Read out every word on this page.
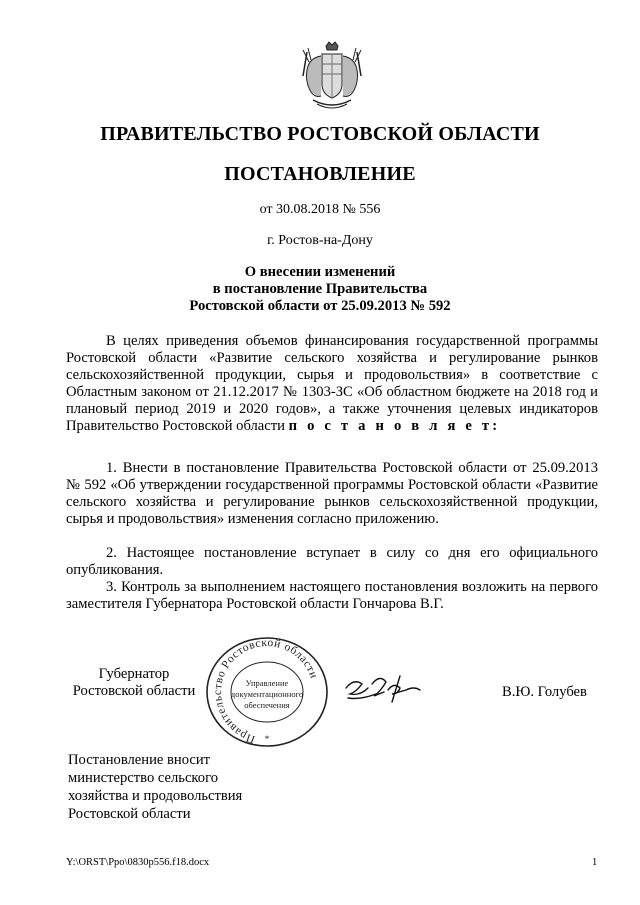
ПРАВИТЕЛЬСТВО РОСТОВСКОЙ ОБЛАСТИ
ПОСТАНОВЛЕНИЕ
от 30.08.2018 № 556
г. Ростов-на-Дону
О внесении изменений
в постановление Правительства
Ростовской области от 25.09.2013 № 592
В целях приведения объемов финансирования государственной программы Ростовской области «Развитие сельского хозяйства и регулирование рынков сельскохозяйственной продукции, сырья и продовольствия» в соответствие с Областным законом от 21.12.2017 № 1303-ЗС «Об областном бюджете на 2018 год и плановый период 2019 и 2020 годов», а также уточнения целевых индикаторов Правительство Ростовской области п о с т а н о в л я е т:
1. Внести в постановление Правительства Ростовской области от 25.09.2013 № 592 «Об утверждении государственной программы Ростовской области «Развитие сельского хозяйства и регулирование рынков сельскохозяйственной продукции, сырья и продовольствия» изменения согласно приложению.
2. Настоящее постановление вступает в силу со дня его официального опубликования.
3. Контроль за выполнением настоящего постановления возложить на первого заместителя Губернатора Ростовской области Гончарова В.Г.
Губернатор
Ростовской области
Правительство Ростовской области
*
Управление
документационного
обеспечения
В.Ю. Голубев
Постановление вносит
министерство сельского
хозяйства и продовольствия
Ростовской области
Y:\ORST\Ppo\0830p556.f18.docx	1
